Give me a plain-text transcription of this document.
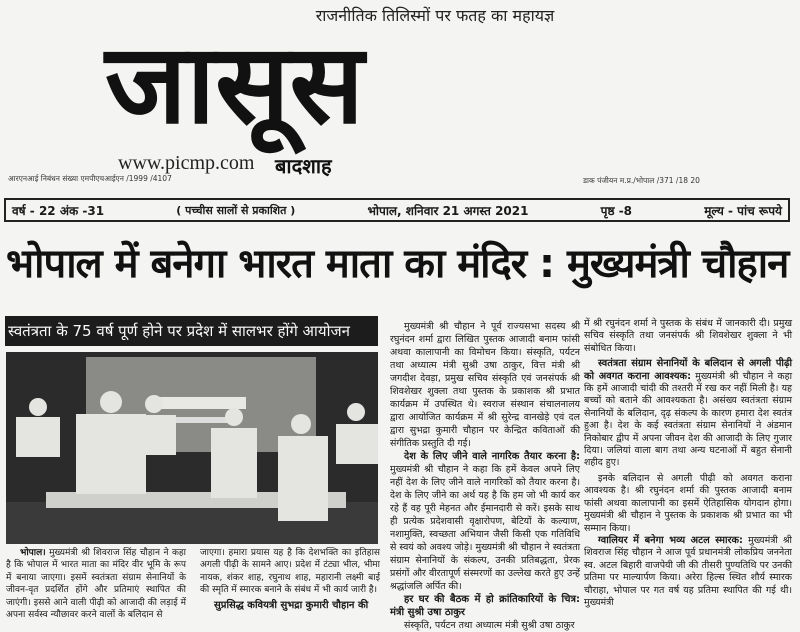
राजनीतिक तिलिस्मों पर फतह का महायज्ञ
जासूस
www.picmp.com बादशाह
आरएनआई निबंधन संख्या एमपीएचआईएन /1999 /4107	डाक पंजीयन म.प्र./भोपाल /371 /18 20
वर्ष - 22 अंक -31	( पच्चीस सालों से प्रकाशित )	भोपाल, शनिवार 21 अगस्त 2021	पृष्ठ -8	मूल्य - पांच रूपये
भोपाल में बनेगा भारत माता का मंदिर : मुख्यमंत्री चौहान
स्वतंत्रता के 75 वर्ष पूर्ण होने पर प्रदेश में सालभर होंगे आयोजन

भोपाल। मुख्यमंत्री श्री शिवराज सिंह चौहान ने कहा है कि भोपाल में भारत माता का मंदिर वीर भूमि के रूप में बनाया जाएगा। इसमें स्वतंत्रता संग्राम सेनानियों के जीवन-वृत प्रदर्शित होंगे और प्रतिमाएं स्थापित की जाएंगी। इससे आने वाली पीढ़ी को आजादी की लड़ाई में अपना सर्वस्व न्यौछावर करने वालों के बलिदान से

जाएगा। हमारा प्रयास यह है कि देशभक्ति का इतिहास अगली पीढ़ी के सामने आए। प्रदेश में टंट्या भील, भीमा नायक, शंकर शाह, रघुनाथ शाह, महारानी लक्ष्मी बाई की स्मृति में स्मारक बनाने के संबंध में भी कार्य जारी है।

सुप्रसिद्ध कवियत्री सुभद्रा कुमारी चौहान की

मुख्यमंत्री श्री चौहान ने पूर्व राज्यसभा सदस्य श्री रघुनंदन शर्मा द्वारा लिखित पुस्तक आजादी बनाम फांसी अथवा कालापानी का विमोचन किया। संस्कृति, पर्यटन तथा अध्यात्म मंत्री सुश्री उषा ठाकुर, वित्त मंत्री श्री जगदीश देवड़ा, प्रमुख सचिव संस्कृति एवं जनसंपर्क श्री शिवशेखर शुक्ला तथा पुस्तक के प्रकाशक श्री प्रभात कार्यक्रम में उपस्थित थे। स्वराज संस्थान संचालनालय द्वारा आयोजित कार्यक्रम में श्री सुरेन्द्र वानखेड़े एवं दल द्वारा सुभद्रा कुमारी चौहान पर केन्द्रित कविताओं की संगीतिक प्रस्तुति दी गई।

देश के लिए जीने वाले नागरिक तैयार करना है: मुख्यमंत्री श्री चौहान ने कहा कि हमें केवल अपने लिए नहीं देश के लिए जीने वाले नागरिकों को तैयार करना है। देश के लिए जीने का अर्थ यह है कि हम जो भी कार्य कर रहे हैं वह पूरी मेहनत और ईमानदारी से करें। इसके साथ ही प्रत्येक प्रदेशवासी वृक्षारोपण, बेटियों के कल्याण, नशामुक्ति, स्वच्छता अभियान जैसी किसी एक गतिविधि से स्वयं को अवश्य जोड़े। मुख्यमंत्री श्री चौहान ने स्वतंत्रता संग्राम सेनानियों के संकल्प, उनकी प्रतिबद्धता, प्रेरक प्रसंगों और वीरतापूर्ण संस्मरणों का उल्लेख करते हुए उन्हें श्रद्धांजलि अर्पित की।

हर घर की बैठक में हो क्रांतिकारियों के चित्र: मंत्री सुश्री उषा ठाकुर

संस्कृति, पर्यटन तथा अध्यात्म मंत्री सुश्री उषा ठाकुर

में श्री रघुनंदन शर्मा ने पुस्तक के संबंध में जानकारी दी। प्रमुख सचिव संस्कृति तथा जनसंपर्क श्री शिवशेखर शुक्ला ने भी संबोधित किया।

स्वतंत्रता संग्राम सेनानियों के बलिदान से अगली पीढ़ी को अवगत कराना आवश्यक: मुख्यमंत्री श्री चौहान ने कहा कि हमें आजादी चांदी की तश्तरी में रख कर नहीं मिली है। यह बच्चों को बताने की आवश्यकता है। असंख्य स्वतंत्रता संग्राम सेनानियों के बलिदान, दृढ़ संकल्प के कारण हमारा देश स्वतंत्र हुआ है। देश के कई स्वतंत्रता संग्राम सेनानियों ने अंडमान निकोबार द्वीप में अपना जीवन देश की आजादी के लिए गुजार दिया। जलियां वाला बाग तथा अन्य घटनाओं में बहुत सेनानी शहीद हुए।

इनके बलिदान से अगली पीढ़ी को अवगत कराना आवश्यक है। श्री रघुनंदन शर्मा की पुस्तक आजादी बनाम फांसी अथवा कालापानी का इसमें ऐतिहासिक योगदान होगा। मुख्यमंत्री श्री चौहान ने पुस्तक के प्रकाशक श्री प्रभात का भी सम्मान किया।

ग्वालियर में बनेगा भव्य अटल स्मारक: मुख्यमंत्री श्री शिवराज सिंह चौहान ने आज पूर्व प्रधानमंत्री लोकप्रिय जननेता स्व. अटल बिहारी वाजपेयी जी की तीसरी पुण्यतिथि पर उनकी प्रतिमा पर माल्यार्पण किया। अरेरा हिल्स स्थित शौर्य स्मारक चौराहा, भोपाल पर गत वर्ष यह प्रतिमा स्थापित की गई थी। मुख्यमंत्री
